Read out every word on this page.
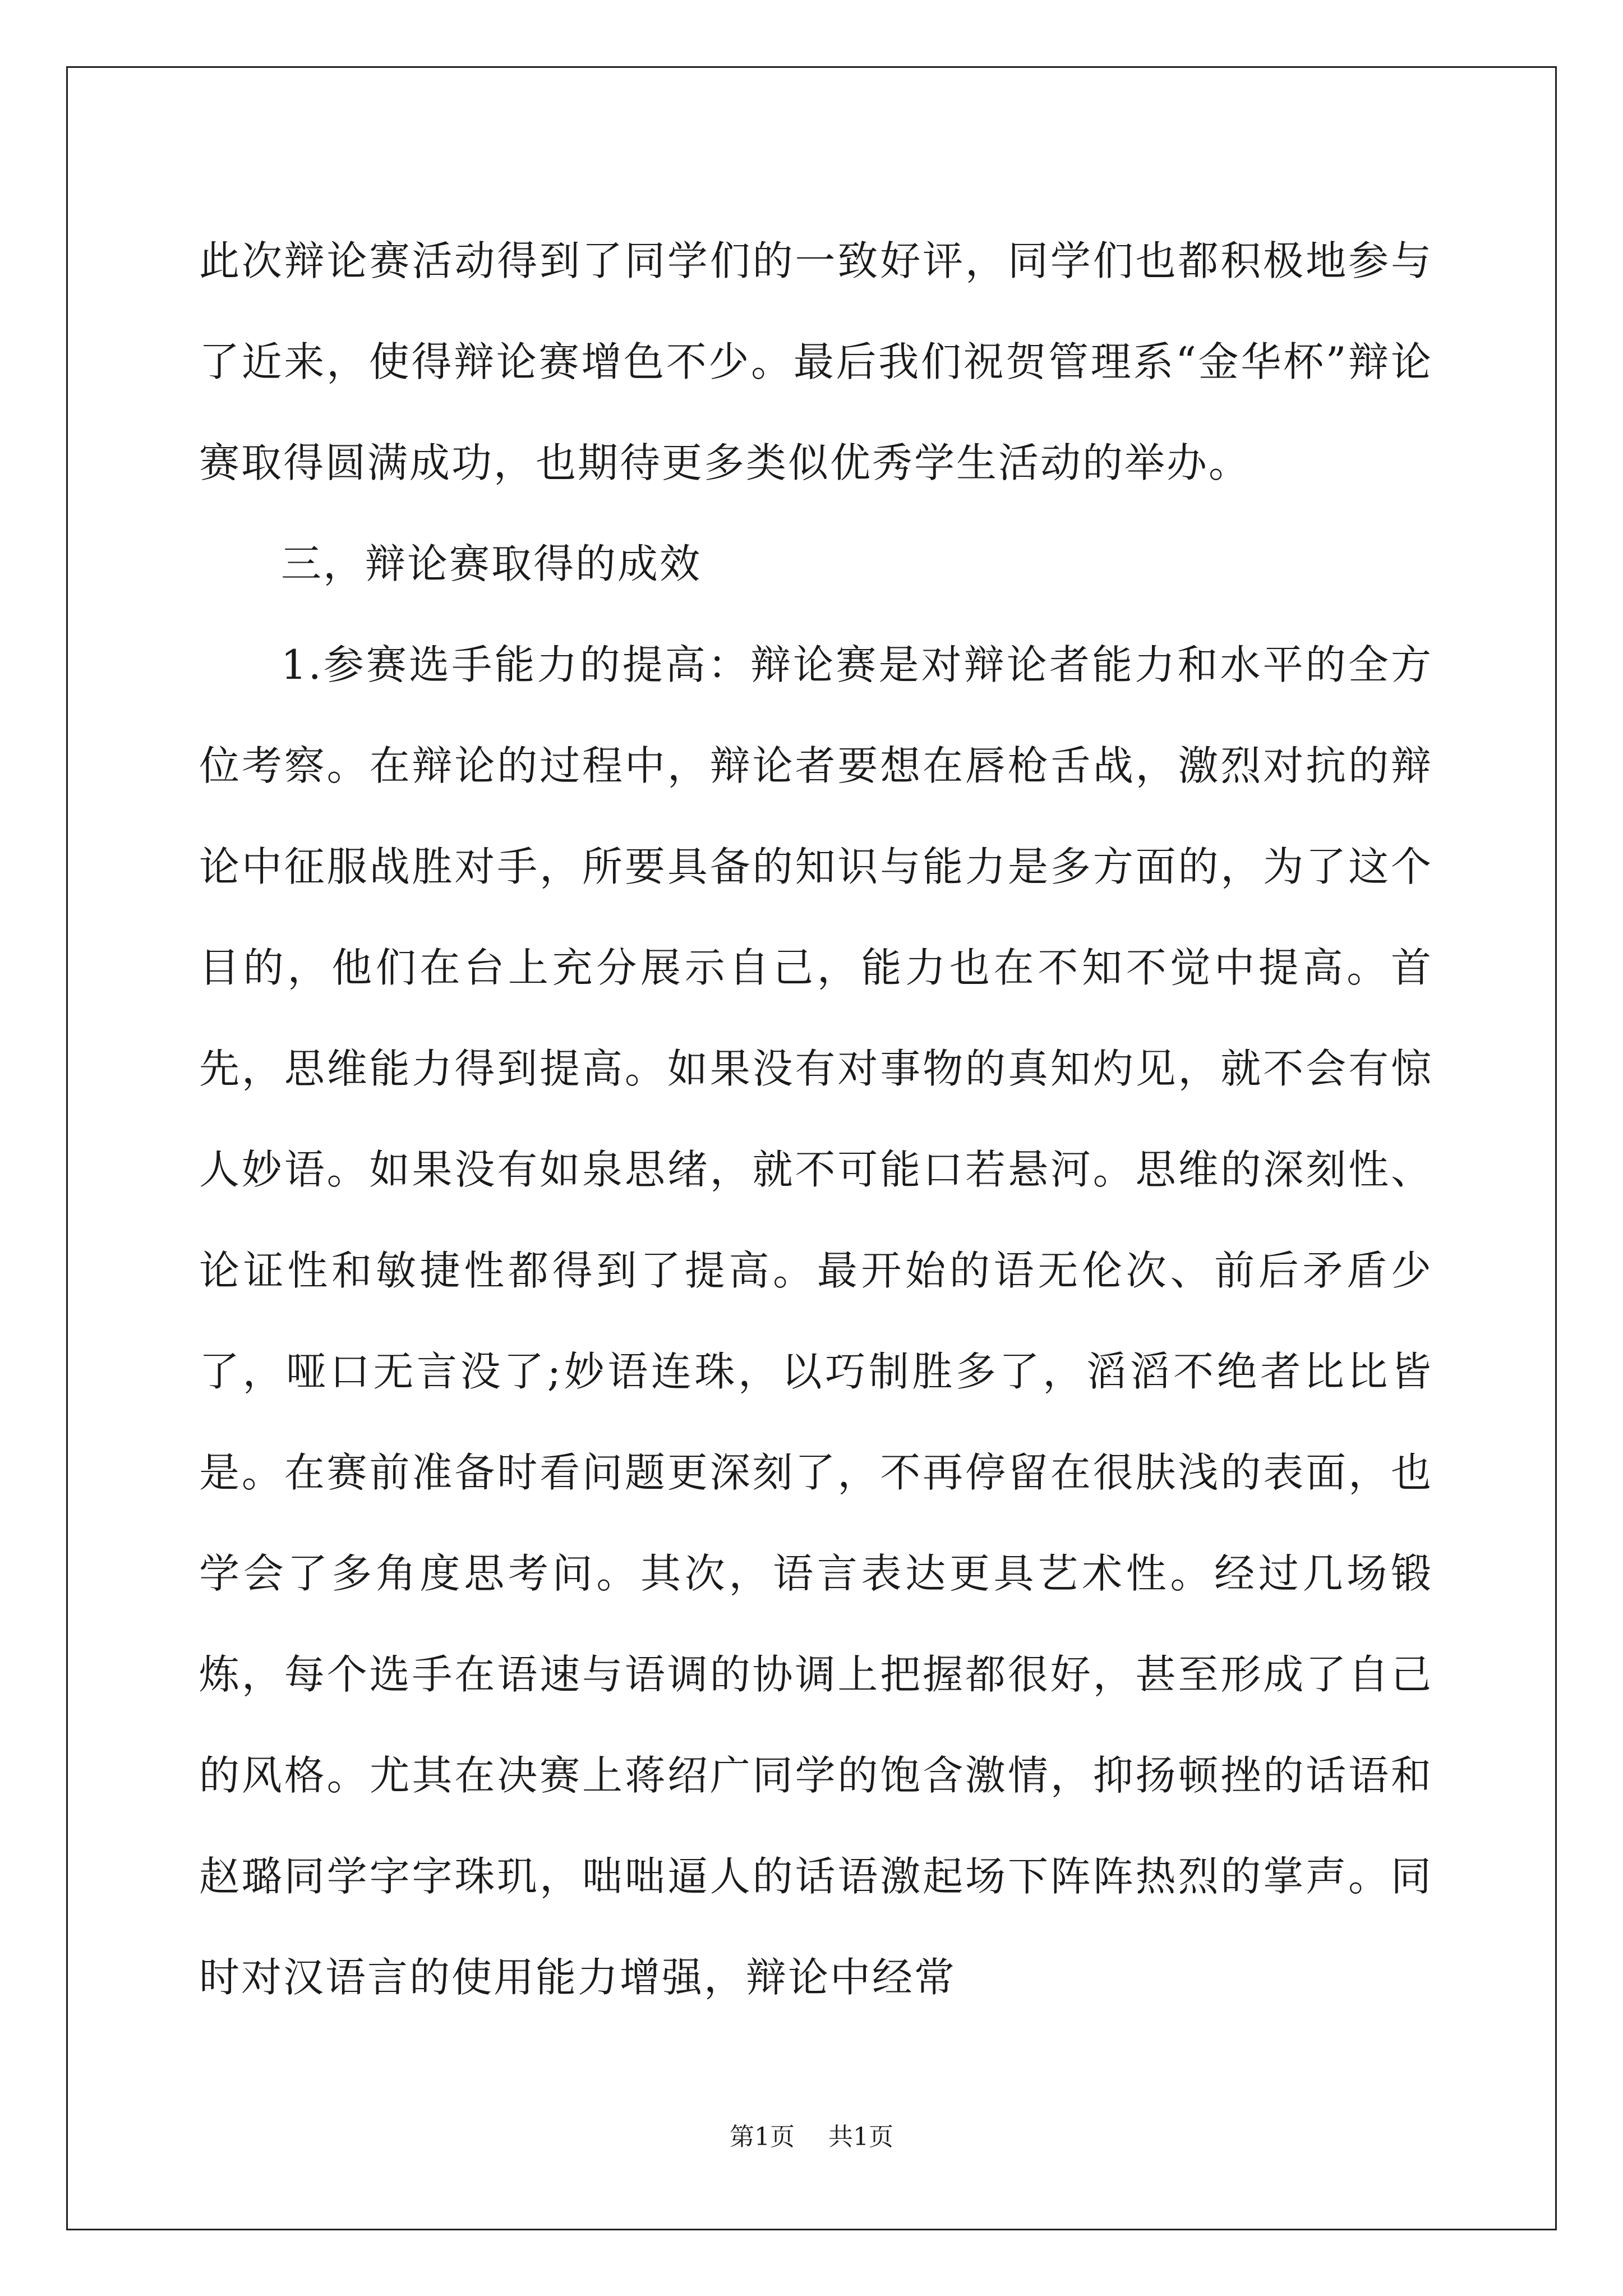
此次辩论赛活动得到了同学们的一致好评，同学们也都积极地参与了近来，使得辩论赛增色不少。最后我们祝贺管理系“金华杯”辩论赛取得圆满成功，也期待更多类似优秀学生活动的举办。

三，辩论赛取得的成效

1.参赛选手能力的提高：辩论赛是对辩论者能力和水平的全方位考察。在辩论的过程中，辩论者要想在唇枪舌战，激烈对抗的辩论中征服战胜对手，所要具备的知识与能力是多方面的，为了这个目的，他们在台上充分展示自己，能力也在不知不觉中提高。首先，思维能力得到提高。如果没有对事物的真知灼见，就不会有惊人妙语。如果没有如泉思绪，就不可能口若悬河。思维的深刻性、论证性和敏捷性都得到了提高。最开始的语无伦次、前后矛盾少了，哑口无言没了;妙语连珠，以巧制胜多了，滔滔不绝者比比皆是。在赛前准备时看问题更深刻了，不再停留在很肤浅的表面，也学会了多角度思考问。其次，语言表达更具艺术性。经过几场锻炼，每个选手在语速与语调的协调上把握都很好，甚至形成了自己的风格。尤其在决赛上蒋绍广同学的饱含激情，抑扬顿挫的话语和赵璐同学字字珠玑，咄咄逼人的话语激起场下阵阵热烈的掌声。同时对汉语言的使用能力增强，辩论中经常

第1页 共1页
